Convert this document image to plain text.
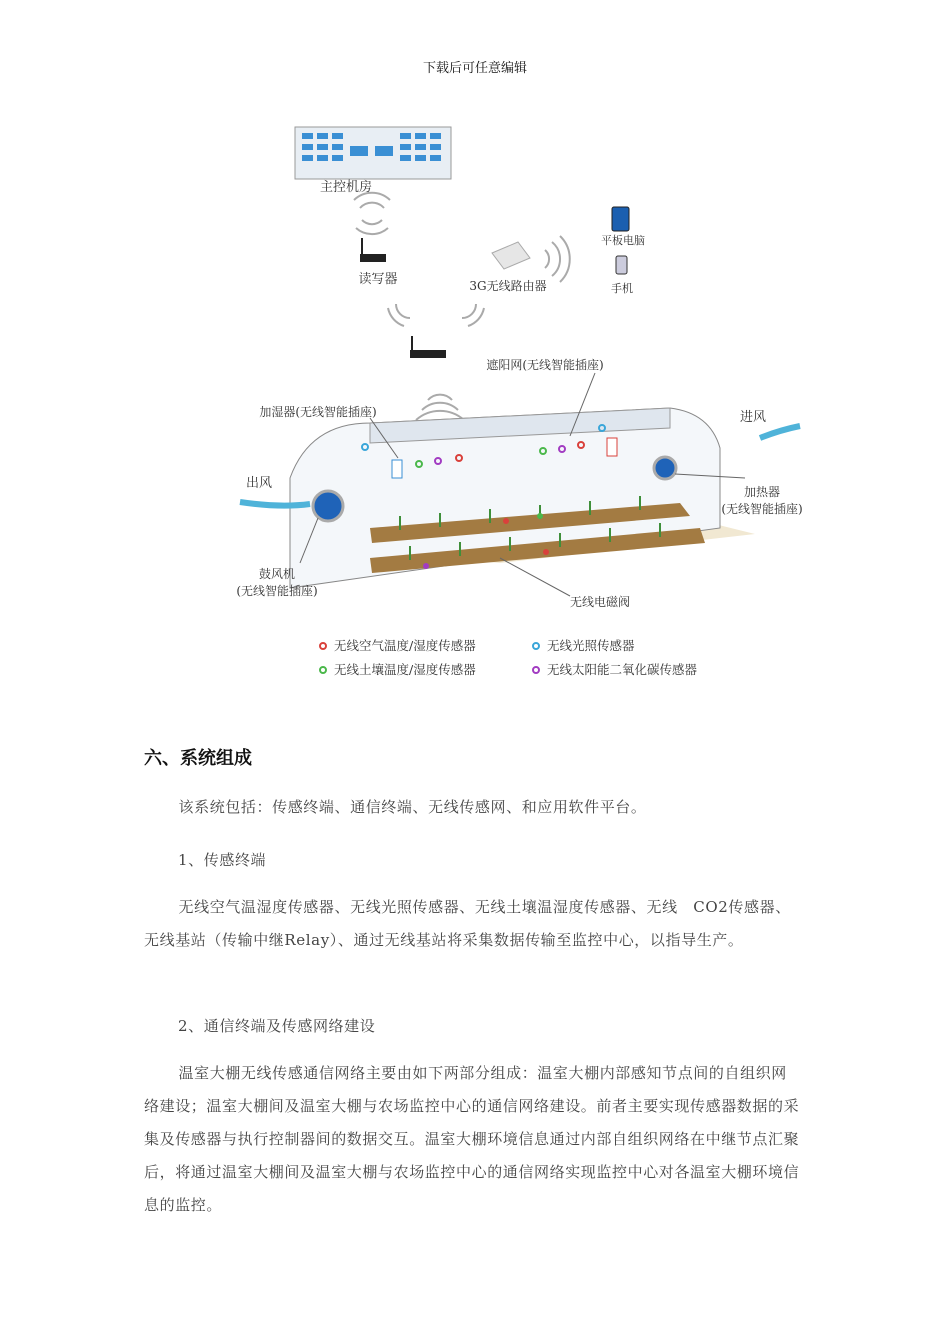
下载后可任意编辑
主控机房
读写器	3G无线路由器
平板电脑
手机
遮阳网(无线智能插座)
加湿器(无线智能插座)	进风
出风
加热器
(无线智能插座)
鼓风机
(无线智能插座)
无线电磁阀
无线空气温度/湿度传感器	无线光照传感器
无线土壤温度/湿度传感器	无线太阳能二氧化碳传感器
六、系统组成
该系统包括：传感终端、通信终端、无线传感网、和应用软件平台。
1、传感终端
无线空气温湿度传感器、无线光照传感器、无线土壤温湿度传感器、无线　CO2传感器、无线基站（传输中继Relay）、通过无线基站将采集数据传输至监控中心，以指导生产。
2、通信终端及传感网络建设
温室大棚无线传感通信网络主要由如下两部分组成：温室大棚内部感知节点间的自组织网络建设；温室大棚间及温室大棚与农场监控中心的通信网络建设。前者主要实现传感器数据的采集及传感器与执行控制器间的数据交互。温室大棚环境信息通过内部自组织网络在中继节点汇聚后，将通过温室大棚间及温室大棚与农场监控中心的通信网络实现监控中心对各温室大棚环境信息的监控。
